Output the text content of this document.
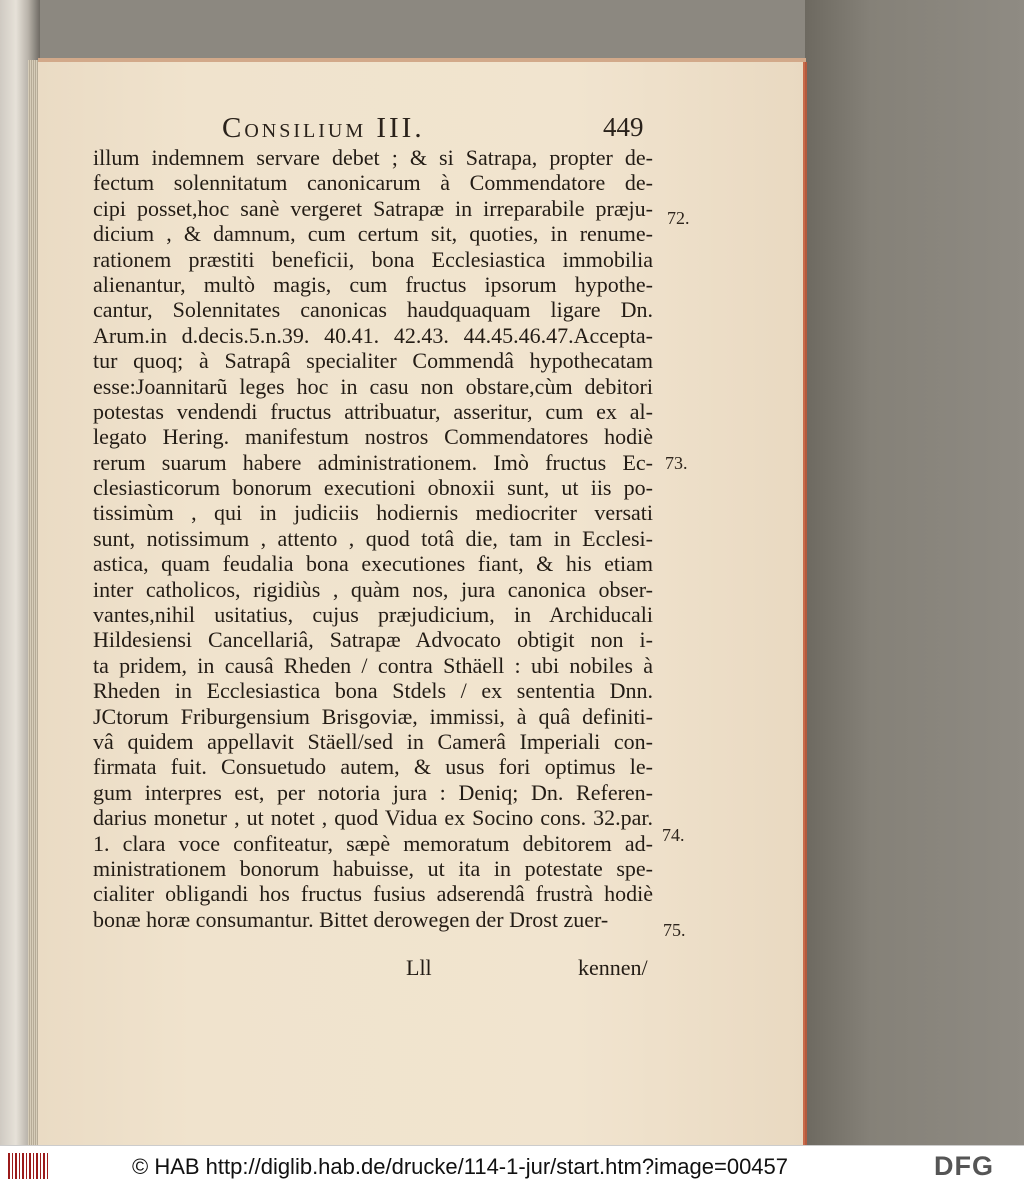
Consilium III.	449
illum indemnem servare debet ; & si Satrapa, propter de-
fectum solennitatum canonicarum à Commendatore de-
cipi posset,hoc sanè vergeret Satrapæ in irreparabile præju-
dicium , & damnum, cum certum sit, quoties, in renume-
rationem præstiti beneficii, bona Ecclesiastica immobilia
alienantur, multò magis, cum fructus ipsorum hypothe-
cantur, Solennitates canonicas haudquaquam ligare Dn.
Arum.in d.decis.5.n.39. 40.41. 42.43. 44.45.46.47.Accepta-
tur quoq; à Satrapâ specialiter Commendâ hypothecatam
esse:Joannitarũ leges hoc in casu non obstare,cùm debitori
potestas vendendi fructus attribuatur, asseritur, cum ex al-
legato Hering. manifestum nostros Commendatores hodiè
rerum suarum habere administrationem. Imò fructus Ec-
clesiasticorum bonorum executioni obnoxii sunt, ut iis po-
tissimùm , qui in judiciis hodiernis mediocriter versati
sunt, notissimum , attento , quod totâ die, tam in Ecclesi-
astica, quam feudalia bona executiones fiant, & his etiam
inter catholicos, rigidiùs , quàm nos, jura canonica obser-
vantes,nihil usitatius, cujus præjudicium, in Archiducali
Hildesiensi Cancellariâ, Satrapæ Advocato obtigit non i-
ta pridem, in causâ Rheden / contra Sthäell : ubi nobiles à
Rheden in Ecclesiastica bona Stdels / ex sententia Dnn.
JCtorum Friburgensium Brisgoviæ, immissi, à quâ definiti-
vâ quidem appellavit Stäell/sed in Camerâ Imperiali con-
firmata fuit. Consuetudo autem, & usus fori optimus le-
gum interpres est, per notoria jura : Deniq; Dn. Referen-
darius monetur , ut notet , quod Vidua ex Socino cons. 32.par.
1. clara voce confiteatur, sæpè memoratum debitorem ad-
ministrationem bonorum habuisse, ut ita in potestate spe-
cialiter obligandi hos fructus fusius adserendâ frustrà hodiè
bonæ horæ consumantur. Bittet derowegen der Drost zuer-
72.
73.
74.
75.
Lll	kennen/
© HAB http://diglib.hab.de/drucke/114-1-jur/start.htm?image=00457	DFG
